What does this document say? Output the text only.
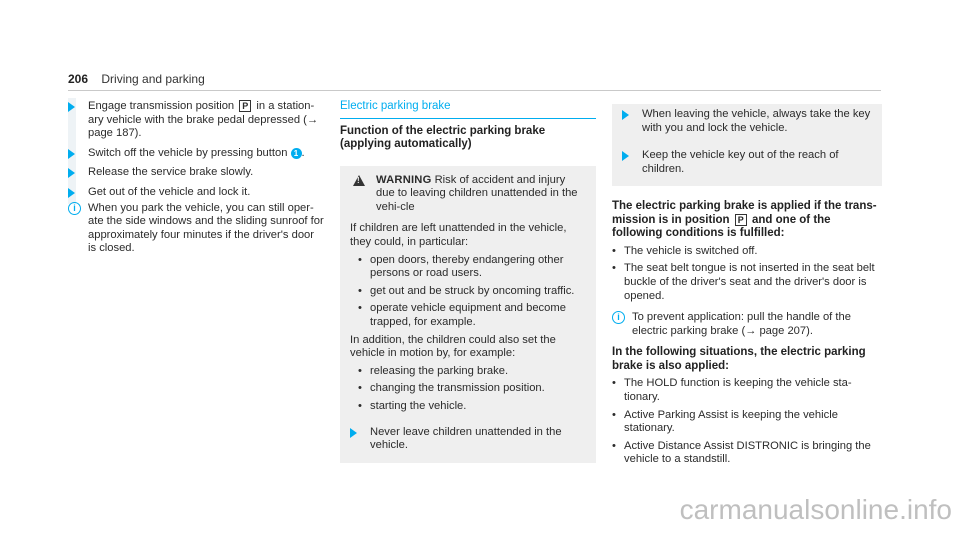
206 Driving and parking
Engage transmission position P in a station-ary vehicle with the brake pedal depressed (→ page 187).
Switch off the vehicle by pressing button 1 .
Release the service brake slowly.
Get out of the vehicle and lock it.
i	When you park the vehicle, you can still oper-ate the side windows and the sliding sunroof for approximately four minutes if the driver's door is closed.
Electric parking brake
Function of the electric parking brake (applying automatically)
!
WARNING Risk of accident and injury due to leaving children unattended in the vehi-cle
If children are left unattended in the vehicle, they could, in particular:
• open doors, thereby endangering other persons or road users.
• get out and be struck by oncoming traffic.
• operate vehicle equipment and become trapped, for example.
In addition, the children could also set the vehicle in motion by, for example:
• releasing the parking brake.
• changing the transmission position.
• starting the vehicle.
Never leave children unattended in the vehicle.
When leaving the vehicle, always take the key with you and lock the vehicle.
Keep the vehicle key out of the reach of children.
The electric parking brake is applied if the trans-mission is in position P and one of the following conditions is fulfilled:
• The vehicle is switched off.
• The seat belt tongue is not inserted in the seat belt buckle of the driver's seat and the driver's door is opened.
i	To prevent application: pull the handle of the electric parking brake (→ page 207).
In the following situations, the electric parking brake is also applied:
• The HOLD function is keeping the vehicle sta-tionary.
• Active Parking Assist is keeping the vehicle stationary.
• Active Distance Assist DISTRONIC is bringing the vehicle to a standstill.
carmanualsonline.info
